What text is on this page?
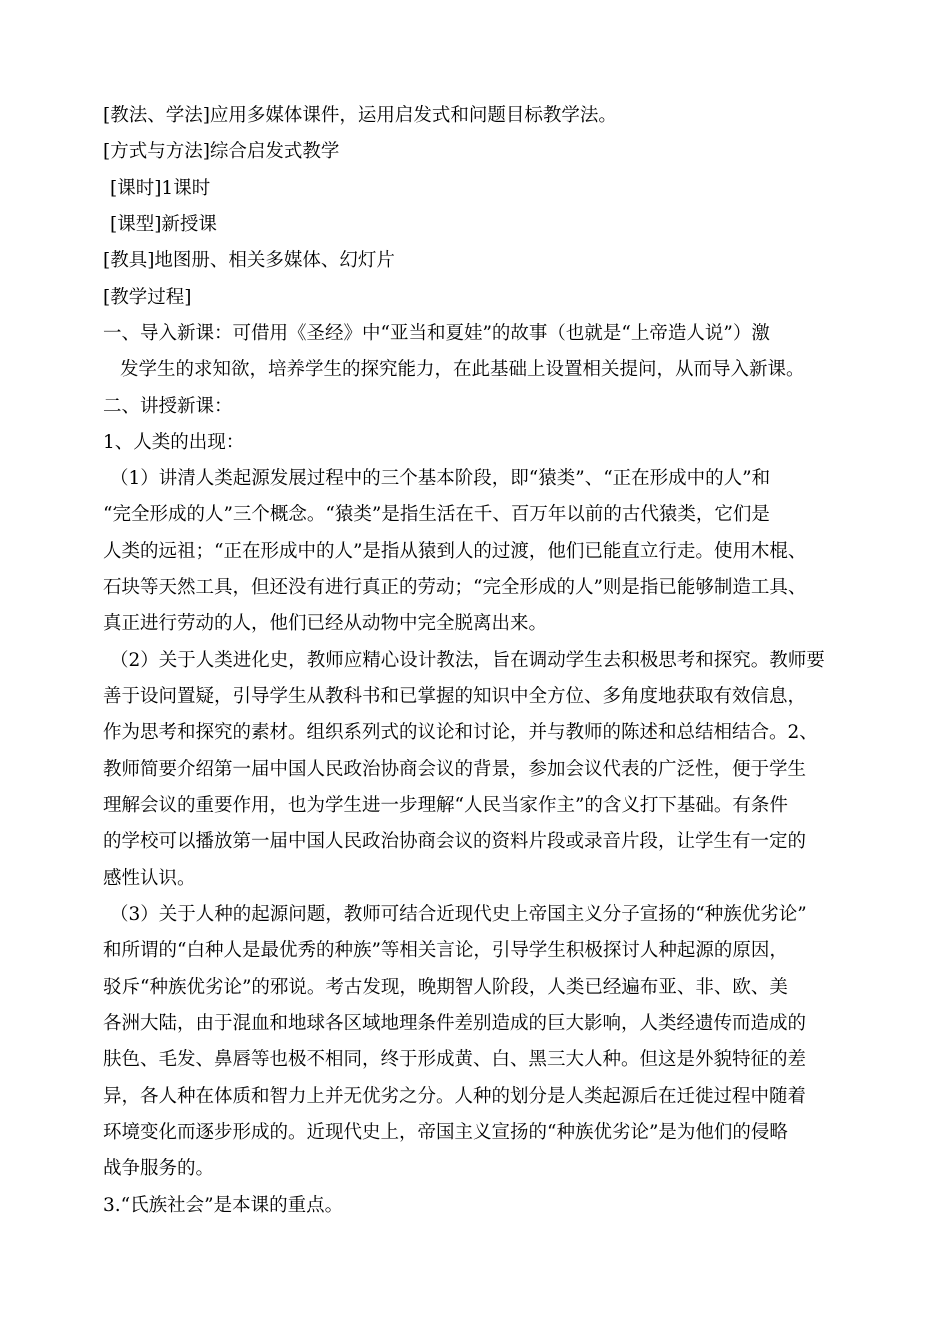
[教法、学法]应用多媒体课件，运用启发式和问题目标教学法。
[方式与方法]综合启发式教学
[课时]1课时
[课型]新授课
[教具]地图册、相关多媒体、幻灯片
[教学过程]
一、导入新课：可借用《圣经》中“亚当和夏娃”的故事（也就是“上帝造人说”）激
发学生的求知欲，培养学生的探究能力，在此基础上设置相关提问，从而导入新课。
二、讲授新课：
1、人类的出现：
（1）讲清人类起源发展过程中的三个基本阶段，即“猿类”、“正在形成中的人”和
“完全形成的人”三个概念。“猿类”是指生活在千、百万年以前的古代猿类，它们是
人类的远祖；“正在形成中的人”是指从猿到人的过渡，他们已能直立行走。使用木棍、
石块等天然工具，但还没有进行真正的劳动；“完全形成的人”则是指已能够制造工具、
真正进行劳动的人，他们已经从动物中完全脱离出来。
（2）关于人类进化史，教师应精心设计教法，旨在调动学生去积极思考和探究。教师要
善于设问置疑，引导学生从教科书和已掌握的知识中全方位、多角度地获取有效信息，
作为思考和探究的素材。组织系列式的议论和讨论，并与教师的陈述和总结相结合。2、
教师简要介绍第一届中国人民政治协商会议的背景，参加会议代表的广泛性，便于学生
理解会议的重要作用，也为学生进一步理解“人民当家作主”的含义打下基础。有条件
的学校可以播放第一届中国人民政治协商会议的资料片段或录音片段，让学生有一定的
感性认识。
（3）关于人种的起源问题，教师可结合近现代史上帝国主义分子宣扬的“种族优劣论”
和所谓的“白种人是最优秀的种族”等相关言论，引导学生积极探讨人种起源的原因，
驳斥“种族优劣论”的邪说。考古发现，晚期智人阶段，人类已经遍布亚、非、欧、美
各洲大陆，由于混血和地球各区域地理条件差别造成的巨大影响，人类经遗传而造成的
肤色、毛发、鼻唇等也极不相同，终于形成黄、白、黑三大人种。但这是外貌特征的差
异，各人种在体质和智力上并无优劣之分。人种的划分是人类起源后在迁徙过程中随着
环境变化而逐步形成的。近现代史上，帝国主义宣扬的“种族优劣论”是为他们的侵略
战争服务的。
3.“氏族社会”是本课的重点。
